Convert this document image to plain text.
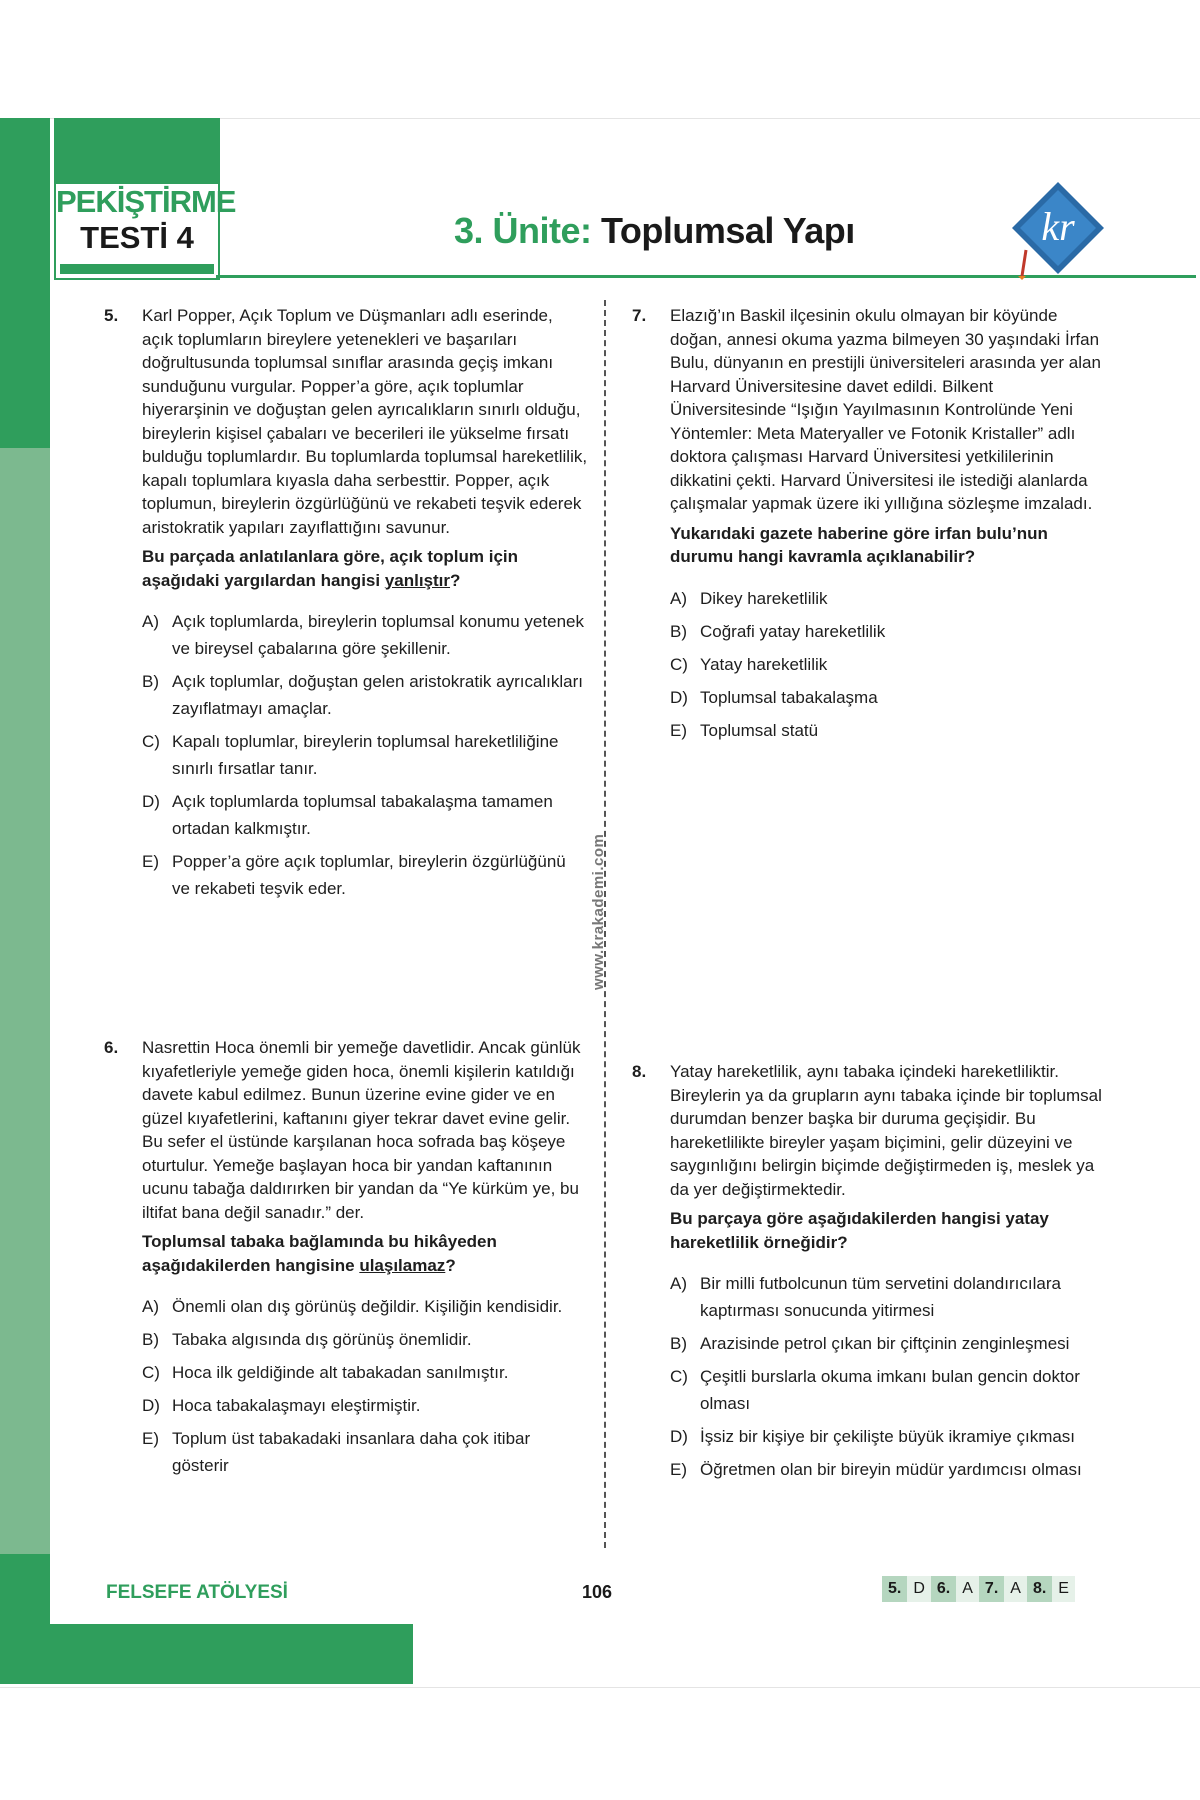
PEKİŞTİRME
TESTİ 4	3. Ünite: Toplumsal Yapı	kr
www.krakademi.com
5. Karl Popper, Açık Toplum ve Düşmanları adlı eserinde, açık toplumların bireylere yetenekleri ve başarıları doğrultusunda toplumsal sınıflar arasında geçiş imkanı sunduğunu vurgular. Popper’a göre, açık toplumlar hiyerarşinin ve doğuştan gelen ayrıcalıkların sınırlı olduğu, bireylerin kişisel çabaları ve becerileri ile yükselme fırsatı bulduğu toplumlardır. Bu toplumlarda toplumsal hareketlilik, kapalı toplumlara kıyasla daha serbesttir. Popper, açık toplumun, bireylerin özgürlüğünü ve rekabeti teşvik ederek aristokratik yapıları zayıflattığını savunur.

Bu parçada anlatılanlara göre, açık toplum için aşağıdaki yargılardan hangisi yanlıştır?

A) Açık toplumlarda, bireylerin toplumsal konumu yetenek ve bireysel çabalarına göre şekillenir.
B) Açık toplumlar, doğuştan gelen aristokratik ayrıcalıkları zayıflatmayı amaçlar.
C) Kapalı toplumlar, bireylerin toplumsal hareketliliğine sınırlı fırsatlar tanır.
D) Açık toplumlarda toplumsal tabakalaşma tamamen ortadan kalkmıştır.
E) Popper’a göre açık toplumlar, bireylerin özgürlüğünü ve rekabeti teşvik eder.
6. Nasrettin Hoca önemli bir yemeğe davetlidir. Ancak günlük kıyafetleriyle yemeğe giden hoca, önemli kişilerin katıldığı davete kabul edilmez. Bunun üzerine evine gider ve en güzel kıyafetlerini, kaftanını giyer tekrar davet evine gelir. Bu sefer el üstünde karşılanan hoca sofrada baş köşeye oturtulur. Yemeğe başlayan hoca bir yandan kaftanının ucunu tabağa daldırırken bir yandan da “Ye kürküm ye, bu iltifat bana değil sanadır.” der.

Toplumsal tabaka bağlamında bu hikâyeden aşağıdakilerden hangisine ulaşılamaz?

A) Önemli olan dış görünüş değildir. Kişiliğin kendisidir.
B) Tabaka algısında dış görünüş önemlidir.
C) Hoca ilk geldiğinde alt tabakadan sanılmıştır.
D) Hoca tabakalaşmayı eleştirmiştir.
E) Toplum üst tabakadaki insanlara daha çok itibar gösterir
7. Elazığ’ın Baskil ilçesinin okulu olmayan bir köyünde doğan, annesi okuma yazma bilmeyen 30 yaşındaki İrfan Bulu, dünyanın en prestijli üniversiteleri arasında yer alan Harvard Üniversitesine davet edildi. Bilkent Üniversitesinde “Işığın Yayılmasının Kontrolünde Yeni Yöntemler: Meta Materyaller ve Fotonik Kristaller” adlı doktora çalışması Harvard Üniversitesi yetkililerinin dikkatini çekti. Harvard Üniversitesi ile istediği alanlarda çalışmalar yapmak üzere iki yıllığına sözleşme imzaladı.

Yukarıdaki gazete haberine göre irfan bulu’nun durumu hangi kavramla açıklanabilir?

A) Dikey hareketlilik
B) Coğrafi yatay hareketlilik
C) Yatay hareketlilik
D) Toplumsal tabakalaşma
E) Toplumsal statü
8. Yatay hareketlilik, aynı tabaka içindeki hareketliliktir. Bireylerin ya da grupların aynı tabaka içinde bir toplumsal durumdan benzer başka bir duruma geçişidir. Bu hareketlilikte bireyler yaşam biçimini, gelir düzeyini ve saygınlığını belirgin biçimde değiştirmeden iş, meslek ya da yer değiştirmektedir.

Bu parçaya göre aşağıdakilerden hangisi yatay hareketlilik örneğidir?

A) Bir milli futbolcunun tüm servetini dolandırıcılara kaptırması sonucunda yitirmesi
B) Arazisinde petrol çıkan bir çiftçinin zenginleşmesi
C) Çeşitli burslarla okuma imkanı bulan gencin doktor olması
D) İşsiz bir kişiye bir çekilişte büyük ikramiye çıkması
E) Öğretmen olan bir bireyin müdür yardımcısı olması
FELSEFE ATÖLYESİ	106	5. D 6. A 7. A 8. E
